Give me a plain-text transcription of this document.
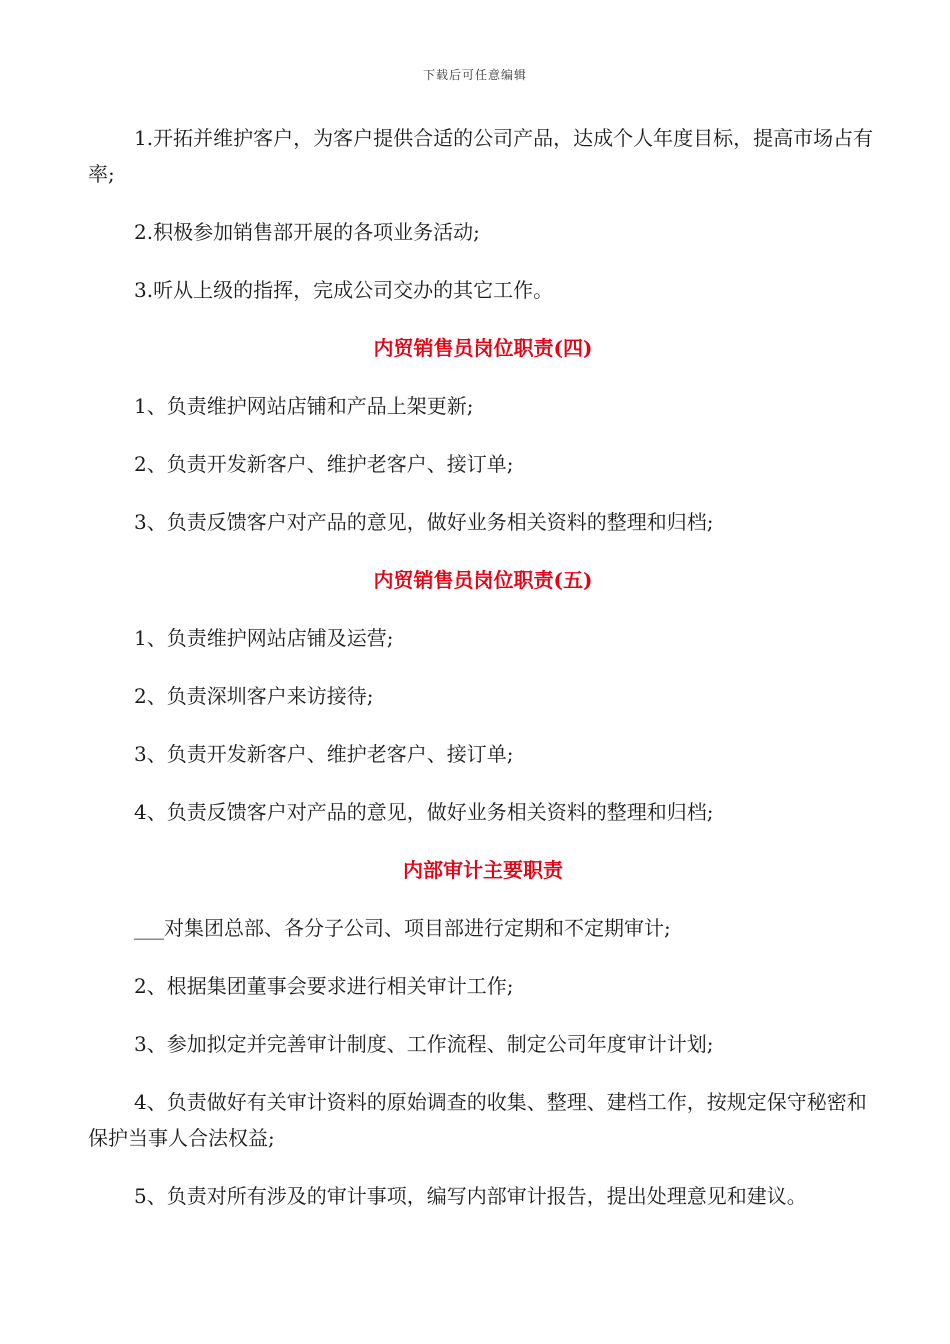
下载后可任意编辑

1.开拓并维护客户，为客户提供合适的公司产品，达成个人年度目标，提高市场占有率;

2.积极参加销售部开展的各项业务活动;

3.听从上级的指挥，完成公司交办的其它工作。

内贸销售员岗位职责(四)

1、负责维护网站店铺和产品上架更新;

2、负责开发新客户、维护老客户、接订单;

3、负责反馈客户对产品的意见，做好业务相关资料的整理和归档;

内贸销售员岗位职责(五)

1、负责维护网站店铺及运营;

2、负责深圳客户来访接待;

3、负责开发新客户、维护老客户、接订单;

4、负责反馈客户对产品的意见，做好业务相关资料的整理和归档;

内部审计主要职责

___对集团总部、各分子公司、项目部进行定期和不定期审计;

2、根据集团董事会要求进行相关审计工作;

3、参加拟定并完善审计制度、工作流程、制定公司年度审计计划;

4、负责做好有关审计资料的原始调查的收集、整理、建档工作，按规定保守秘密和保护当事人合法权益;

5、负责对所有涉及的审计事项，编写内部审计报告，提出处理意见和建议。
